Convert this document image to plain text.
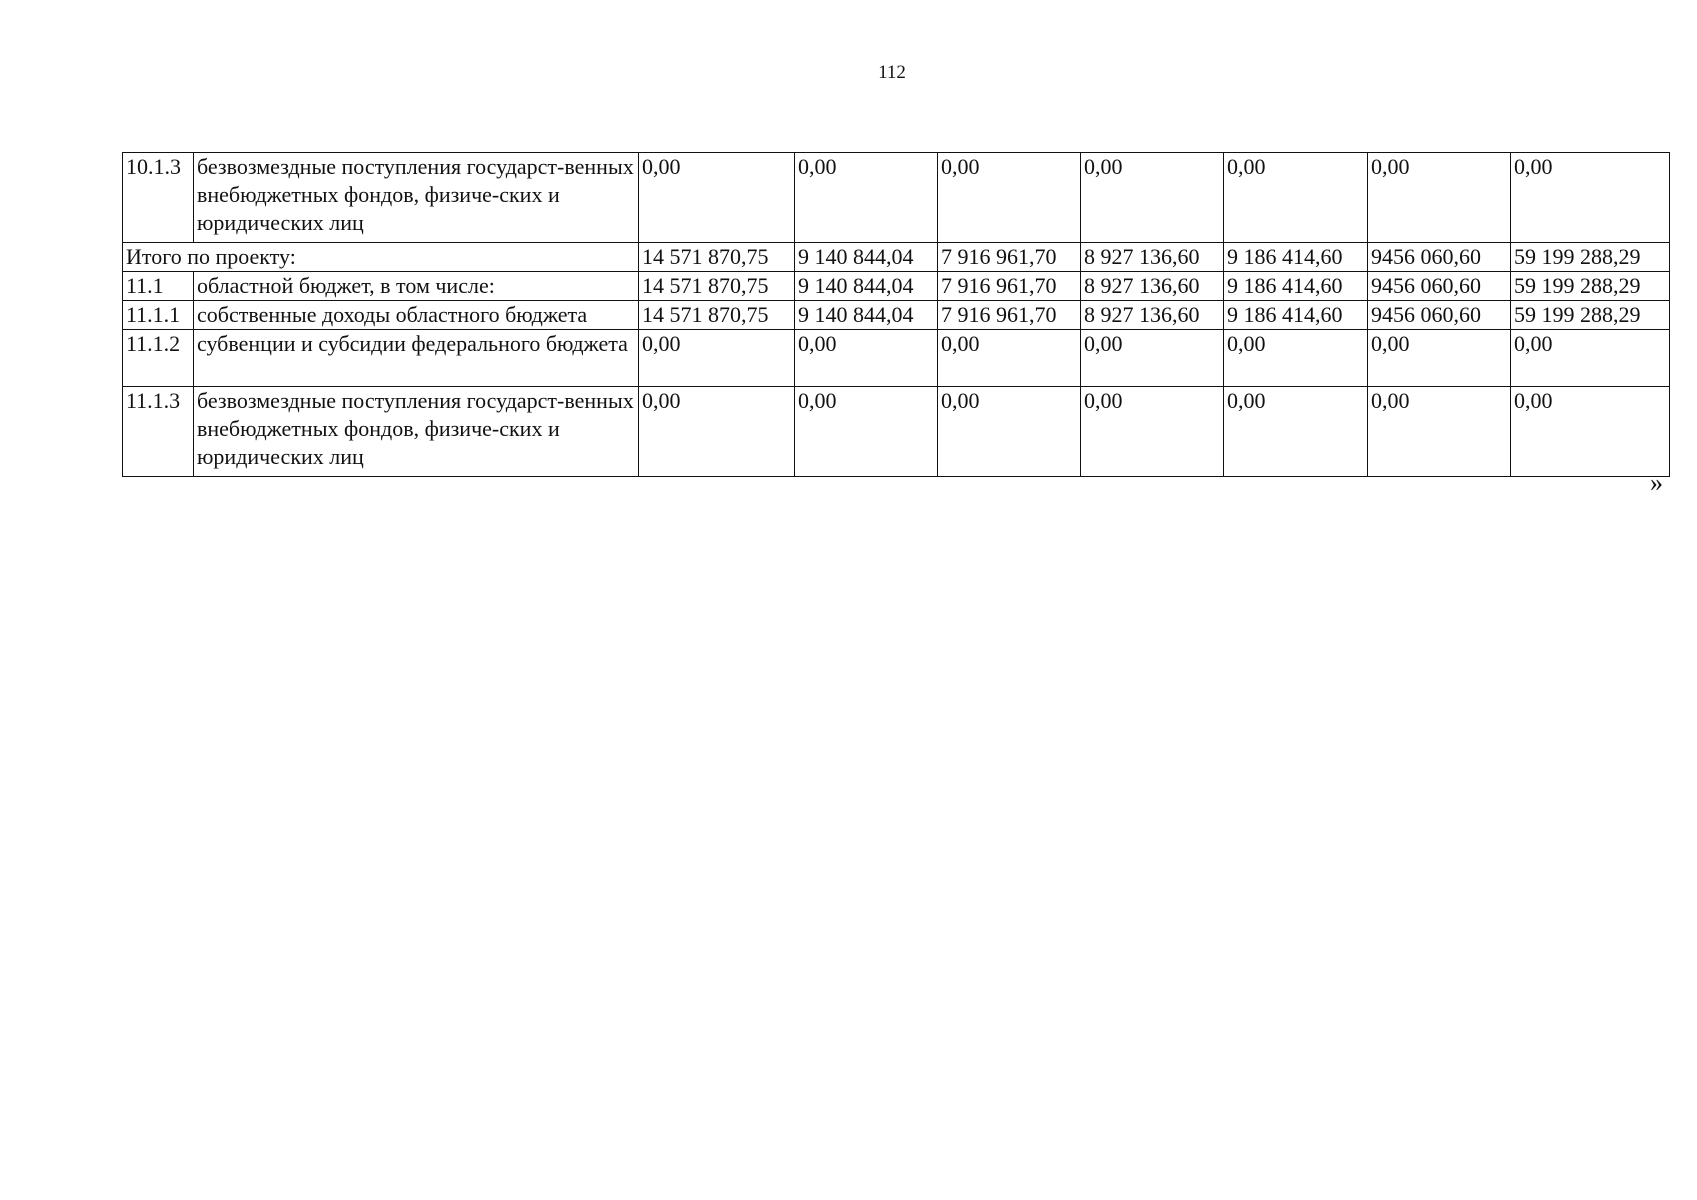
112
10.1.3	безвозмездные поступления государст-венных внебюджетных фондов, физиче-ских и юридических лиц	0,00	0,00	0,00	0,00	0,00	0,00	0,00
Итого по проекту:		14 571 870,75	9 140 844,04	7 916 961,70	8 927 136,60	9 186 414,60	9456 060,60	59 199 288,29
11.1	областной бюджет, в том числе:	14 571 870,75	9 140 844,04	7 916 961,70	8 927 136,60	9 186 414,60	9456 060,60	59 199 288,29
11.1.1	собственные доходы областного бюджета	14 571 870,75	9 140 844,04	7 916 961,70	8 927 136,60	9 186 414,60	9456 060,60	59 199 288,29
11.1.2	субвенции и субсидии федерального бюджета	0,00	0,00	0,00	0,00	0,00	0,00	0,00
11.1.3	безвозмездные поступления государст-венных внебюджетных фондов, физиче-ских и юридических лиц	0,00	0,00	0,00	0,00	0,00	0,00	0,00
»
